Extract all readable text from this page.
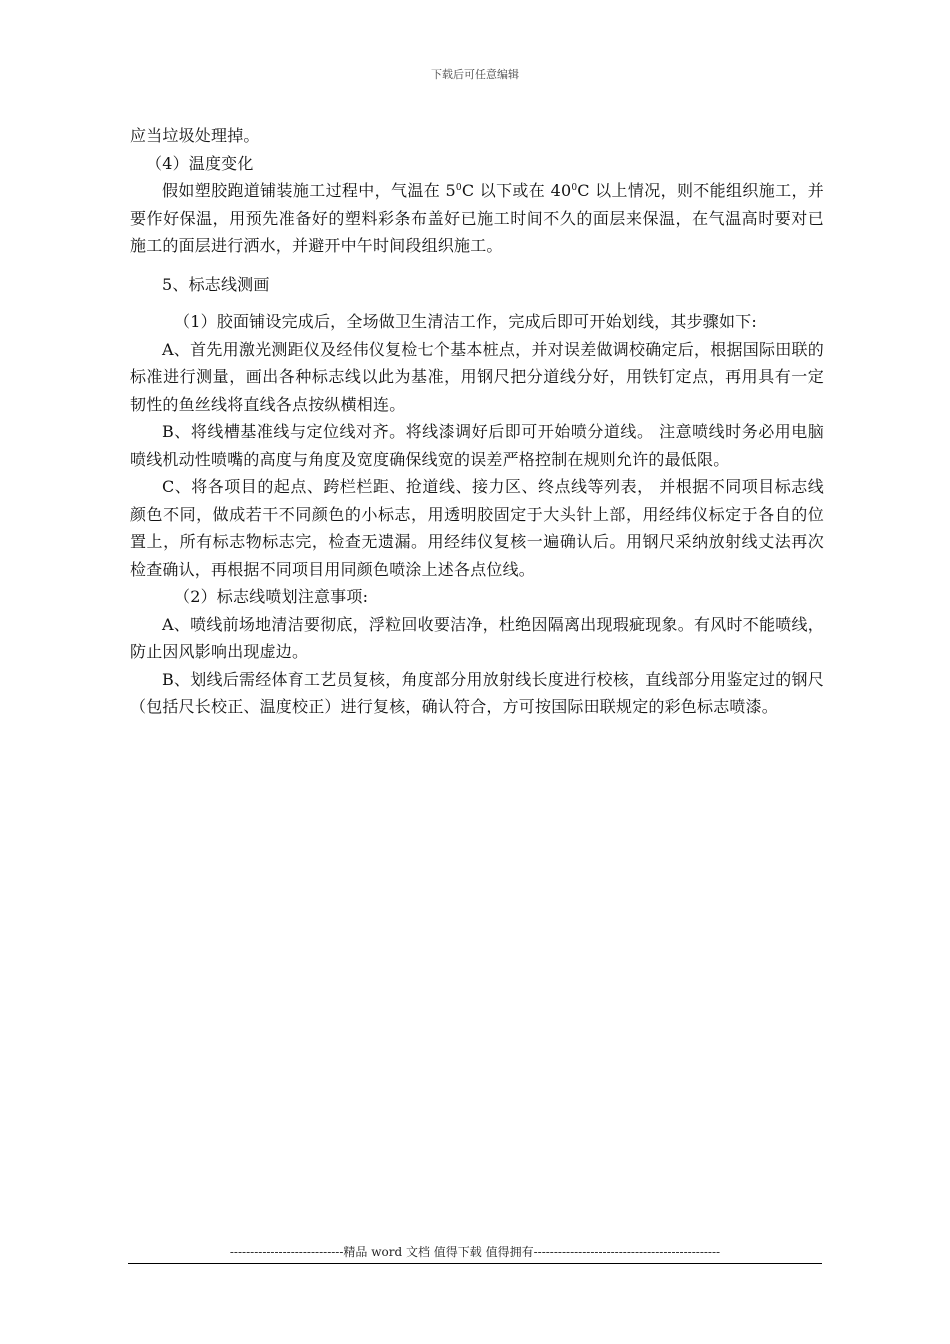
下载后可任意编辑

应当垃圾处理掉。

（4）温度变化

假如塑胶跑道铺装施工过程中，气温在 $5^0C$ 以下或在 $40^0C$ 以上情况，则不能组织施工，并要作好保温，用预先准备好的塑料彩条布盖好已施工时间不久的面层来保温，在气温高时要对已施工的面层进行洒水，并避开中午时间段组织施工。

5、标志线测画

（1）胶面铺设完成后，全场做卫生清洁工作，完成后即可开始划线，其步骤如下:

A、首先用激光测距仪及经伟仪复检七个基本桩点，并对误差做调校确定后，根据国际田联的标准进行测量，画出各种标志线以此为基准，用钢尺把分道线分好，用铁钉定点，再用具有一定韧性的鱼丝线将直线各点按纵横相连。

B、将线槽基准线与定位线对齐。将线漆调好后即可开始喷分道线。 注意喷线时务必用电脑喷线机动性喷嘴的高度与角度及宽度确保线宽的误差严格控制在规则允许的最低限。

C、将各项目的起点、跨栏栏距、抢道线、接力区、终点线等列表， 并根据不同项目标志线颜色不同，做成若干不同颜色的小标志，用透明胶固定于大头针上部，用经纬仪标定于各自的位置上，所有标志物标志完，检查无遗漏。用经纬仪复核一遍确认后。用钢尺采纳放射线丈法再次检查确认，再根据不同项目用同颜色喷涂上述各点位线。

（2）标志线喷划注意事项:

A、喷线前场地清洁要彻底，浮粒回收要洁净，杜绝因隔离出现瑕疵现象。有风时不能喷线，防止因风影响出现虚边。

B、划线后需经体育工艺员复核，角度部分用放射线长度进行校核，直线部分用鉴定过的钢尺（包括尺长校正、温度校正）进行复核，确认符合，方可按国际田联规定的彩色标志喷漆。

----------------------------精品 word 文档 值得下载 值得拥有----------------------------------------------
